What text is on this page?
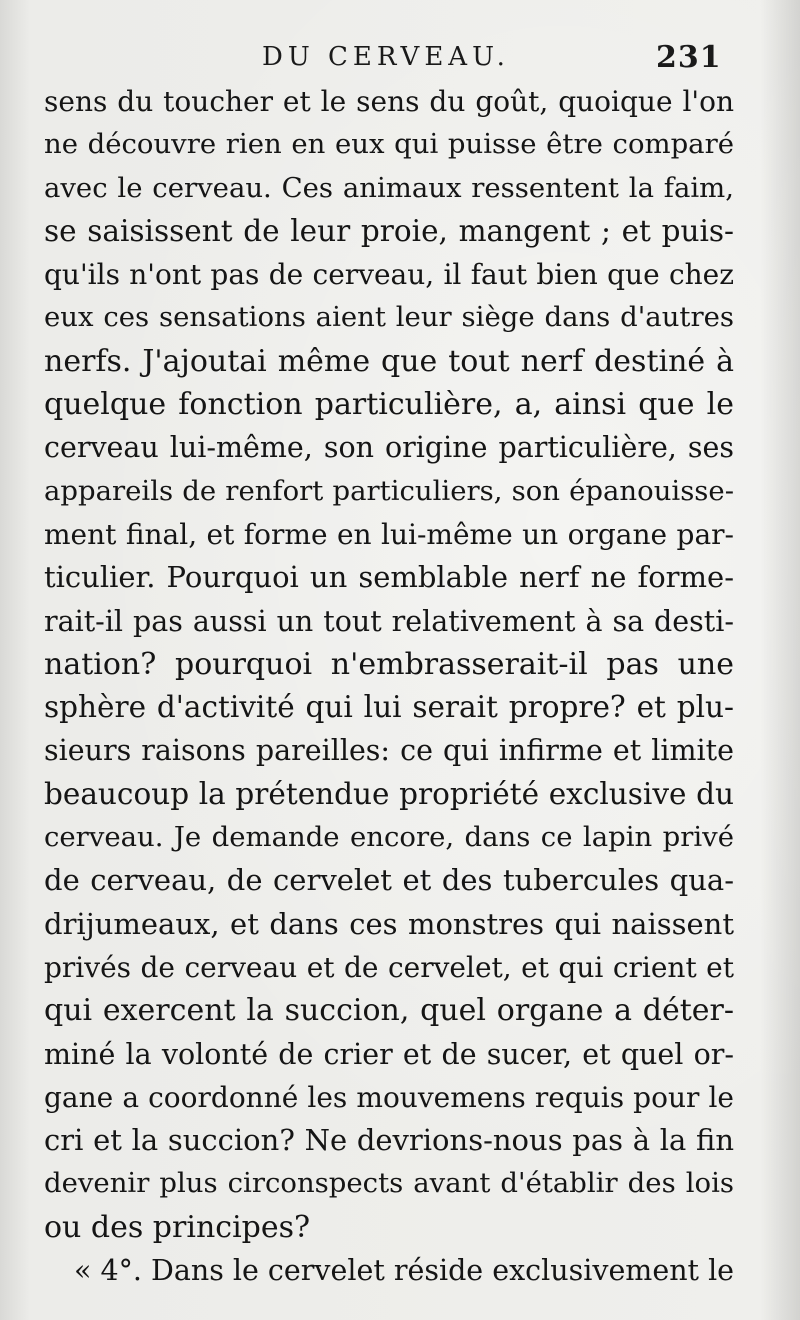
DU CERVEAU.	231
sens du toucher et le sens du goût, quoique l'on
ne découvre rien en eux qui puisse être comparé
avec le cerveau. Ces animaux ressentent la faim,
se saisissent de leur proie, mangent ; et puis-
qu'ils n'ont pas de cerveau, il faut bien que chez
eux ces sensations aient leur siège dans d'autres
nerfs. J'ajoutai même que tout nerf destiné à
quelque fonction particulière, a, ainsi que le
cerveau lui-même, son origine particulière, ses
appareils de renfort particuliers, son épanouisse-
ment final, et forme en lui-même un organe par-
ticulier. Pourquoi un semblable nerf ne forme-
rait-il pas aussi un tout relativement à sa desti-
nation? pourquoi n'embrasserait-il pas une
sphère d'activité qui lui serait propre? et plu-
sieurs raisons pareilles: ce qui infirme et limite
beaucoup la prétendue propriété exclusive du
cerveau. Je demande encore, dans ce lapin privé
de cerveau, de cervelet et des tubercules qua-
drijumeaux, et dans ces monstres qui naissent
privés de cerveau et de cervelet, et qui crient et
qui exercent la succion, quel organe a déter-
miné la volonté de crier et de sucer, et quel or-
gane a coordonné les mouvemens requis pour le
cri et la succion? Ne devrions-nous pas à la fin
devenir plus circonspects avant d'établir des lois
ou des principes?
« 4°. Dans le cervelet réside exclusivement le
